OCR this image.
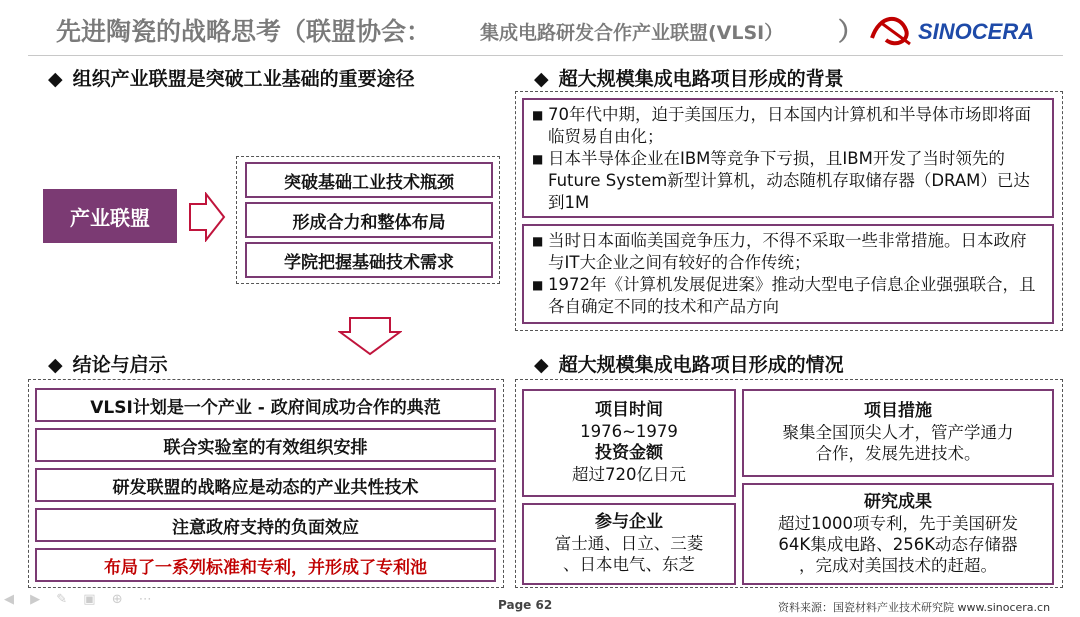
先进陶瓷的战略思考（联盟协会：	集成电路研发合作产业联盟(VLSI） ） SINOCERA
◆ 组织产业联盟是突破工业基础的重要途径
产业联盟
突破基础工业技术瓶颈
形成合力和整体布局
学院把握基础技术需求
◆ 超大规模集成电路项目形成的背景
■ 70年代中期，迫于美国压力，日本国内计算机和半导体市场即将面临贸易自由化；
■ 日本半导体企业在IBM等竞争下亏损，且IBM开发了当时领先的Future System新型计算机，动态随机存取储存器（DRAM）已达到1M
■ 当时日本面临美国竞争压力，不得不采取一些非常措施。日本政府与IT大企业之间有较好的合作传统；
■ 1972年《计算机发展促进案》推动大型电子信息企业强强联合，且各自确定不同的技术和产品方向
◆ 结论与启示
VLSI计划是一个产业 - 政府间成功合作的典范
联合实验室的有效组织安排
研发联盟的战略应是动态的产业共性技术
注意政府支持的负面效应
布局了一系列标准和专利，并形成了专利池
◆ 超大规模集成电路项目形成的情况
项目时间
1976~1979
投资金额
超过720亿日元
项目措施
聚集全国顶尖人才，管产学通力
合作，发展先进技术。
参与企业
富士通、日立、三菱
、日本电气、东芝
研究成果
超过1000项专利，先于美国研发
64K集成电路、256K动态存储器
，完成对美国技术的赶超。
◀ ▶ ✎ ▣ ⊕ ⋯	Page 62	资料来源：国瓷材料产业技术研究院 www.sinocera.cn
